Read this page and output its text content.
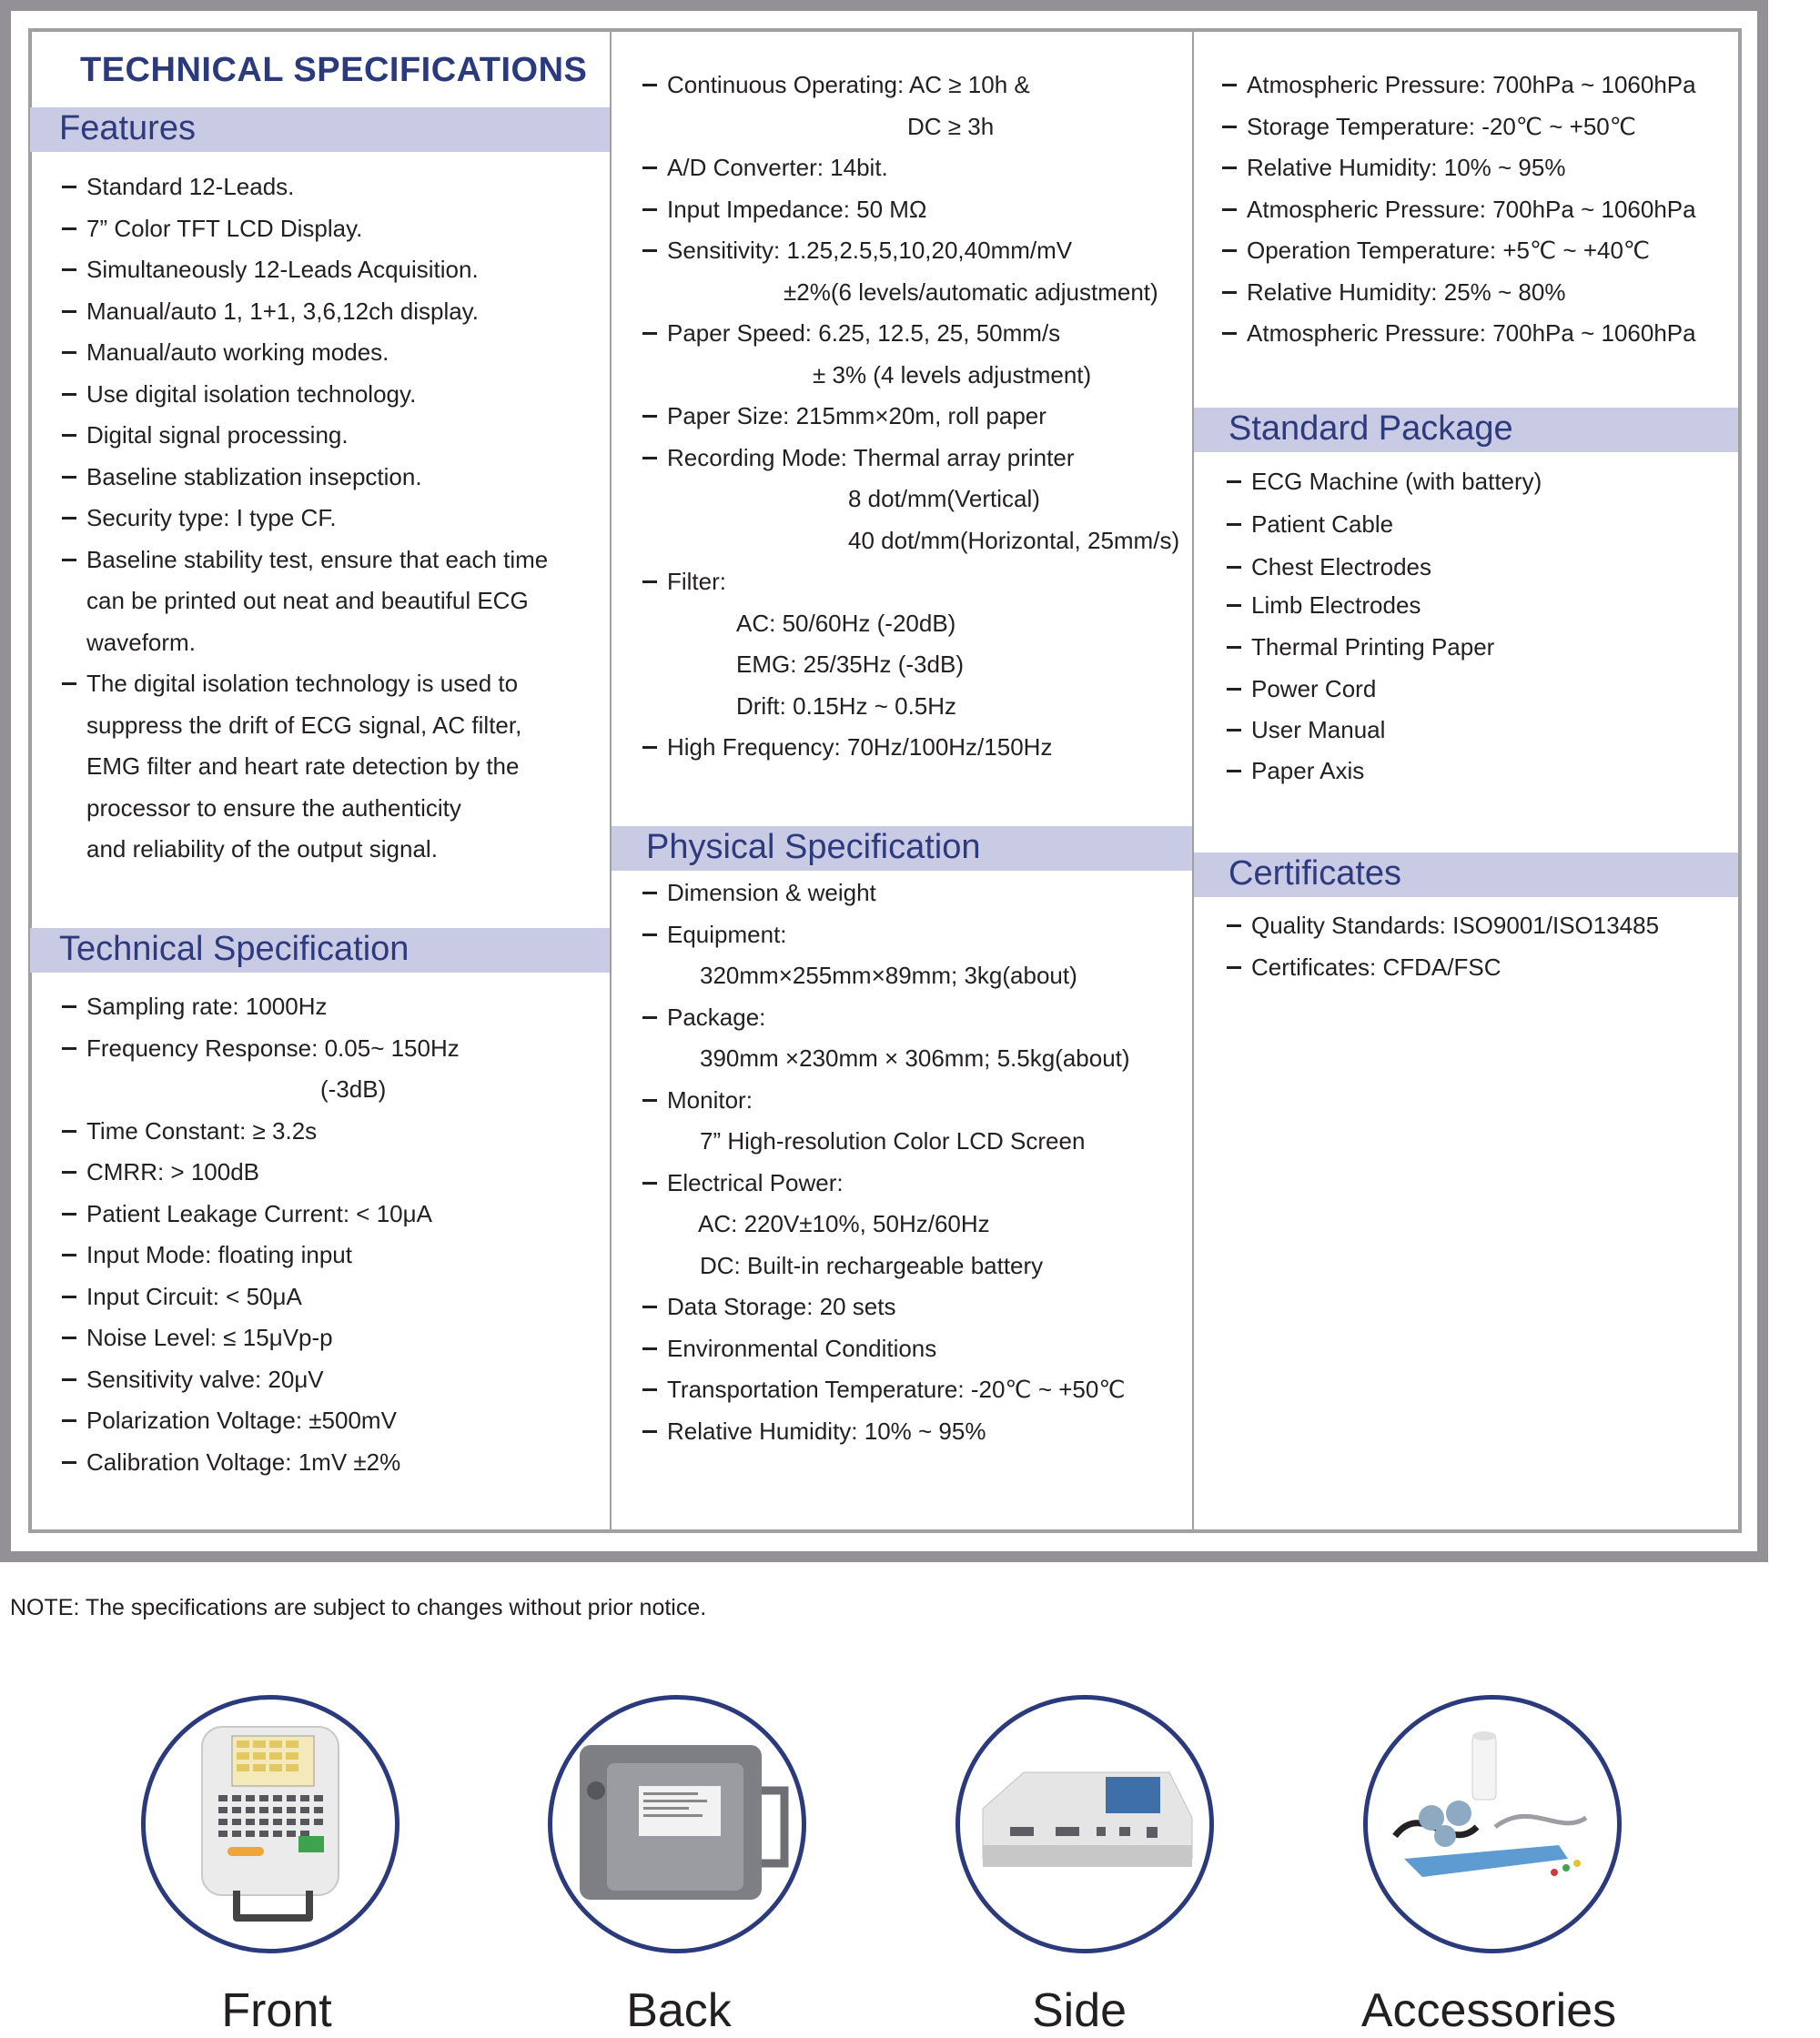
TECHNICAL SPECIFICATIONS
Features
Technical Specification
Physical Specification
Standard Package
Certificates
Standard 12-Leads.
7” Color TFT LCD Display.
Simultaneously 12-Leads Acquisition.
Manual/auto 1, 1+1, 3,6,12ch display.
Manual/auto working modes.
Use digital isolation technology.
Digital signal processing.
Baseline stablization insepction.
Security type: I type CF.
Baseline stability test, ensure that each time
can be printed out neat and beautiful ECG
waveform.
The digital isolation technology is used to
suppress the drift of ECG signal, AC filter,
EMG filter and heart rate detection by the
processor to ensure the authenticity
and reliability of the output signal.
Sampling rate: 1000Hz
Frequency Response: 0.05~ 150Hz
(-3dB)
Time Constant: ≥ 3.2s
CMRR: > 100dB
Patient Leakage Current: < 10μA
Input Mode: floating input
Input Circuit: < 50μA
Noise Level: ≤ 15μVp-p
Sensitivity valve: 20μV
Polarization Voltage: ±500mV
Calibration Voltage: 1mV ±2%
Continuous Operating: AC ≥ 10h &
DC ≥ 3h
A/D Converter: 14bit.
Input Impedance: 50 MΩ
Sensitivity: 1.25,2.5,5,10,20,40mm/mV
±2%(6 levels/automatic adjustment)
Paper Speed: 6.25, 12.5, 25, 50mm/s
± 3% (4 levels adjustment)
Paper Size: 215mm×20m, roll paper
Recording Mode: Thermal array printer
8 dot/mm(Vertical)
40 dot/mm(Horizontal, 25mm/s)
Filter:
AC: 50/60Hz (-20dB)
EMG: 25/35Hz (-3dB)
Drift: 0.15Hz ~ 0.5Hz
High Frequency: 70Hz/100Hz/150Hz
Dimension & weight
Equipment:
320mm×255mm×89mm; 3kg(about)
Package:
390mm ×230mm × 306mm; 5.5kg(about)
Monitor:
7” High-resolution Color LCD Screen
Electrical Power:
AC: 220V±10%, 50Hz/60Hz
DC: Built-in rechargeable battery
Data Storage: 20 sets
Environmental Conditions
Transportation Temperature: -20℃ ~ +50℃
Relative Humidity: 10% ~ 95%
Atmospheric Pressure: 700hPa ~ 1060hPa
Storage Temperature: -20℃ ~ +50℃
Relative Humidity: 10% ~ 95%
Atmospheric Pressure: 700hPa ~ 1060hPa
Operation Temperature: +5℃ ~ +40℃
Relative Humidity: 25% ~ 80%
Atmospheric Pressure: 700hPa ~ 1060hPa
ECG Machine (with battery)
Patient Cable
Chest Electrodes
Limb Electrodes
Thermal Printing Paper
Power Cord
User Manual
Paper Axis
Quality Standards: ISO9001/ISO13485
Certificates: CFDA/FSC
NOTE: The specifications are subject to changes without prior notice.
Front	Back	Side	Accessories
